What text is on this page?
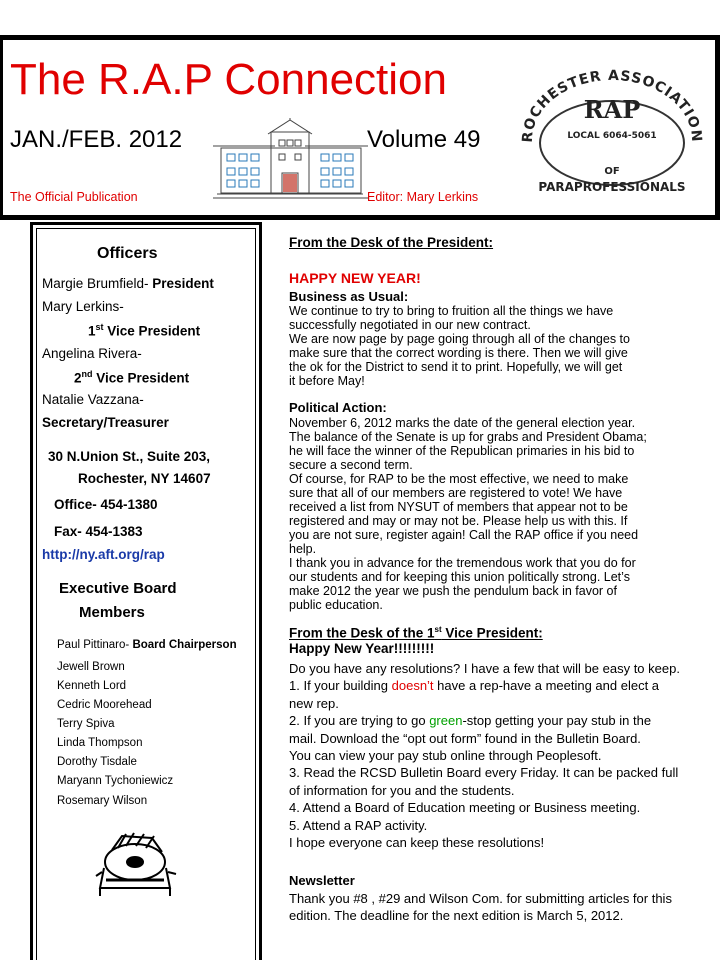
The R.A.P Connection
JAN./FEB. 2012	Volume 49
The Official Publication	Editor: Mary Lerkins
ROCHESTER ASSOCIATION
RAP
LOCAL 6064-5061
OF
PARAPROFESSIONALS
Officers
Margie Brumfield- President
Mary Lerkins-
1st Vice President
Angelina Rivera-
2nd Vice President
Natalie Vazzana-
Secretary/Treasurer
30 N.Union St., Suite 203,
Rochester, NY 14607
Office- 454-1380
Fax- 454-1383
http://ny.aft.org/rap
Executive Board
Members
Paul Pittinaro- Board Chairperson
Jewell Brown
Kenneth Lord
Cedric Moorehead
Terry Spiva
Linda Thompson
Dorothy Tisdale
Maryann Tychoniewicz
Rosemary Wilson
From the Desk of the President:
HAPPY NEW YEAR!
Business as Usual:

We continue to try to bring to fruition all the things we have

successfully negotiated in our new contract.

We are now page by page going through all of the changes to

make sure that the correct wording is there. Then we will give

the ok for the District to send it to print. Hopefully, we will get

it before May!

Political Action:

November 6, 2012 marks the date of the general election year.

The balance of the Senate is up for grabs and President Obama;

he will face the winner of the Republican primaries in his bid to

secure a second term.

Of course, for RAP to be the most effective, we need to make

sure that all of our members are registered to vote! We have

received a list from NYSUT of members that appear not to be

registered and may or may not be. Please help us with this. If

you are not sure, register again! Call the RAP office if you need

help.

I thank you in advance for the tremendous work that you do for

our students and for keeping this union politically strong. Let’s

make 2012 the year we push the pendulum back in favor of

public education.

From the Desk of the 1st Vice President:
Happy New Year!!!!!!!!!

Do you have any resolutions? I have a few that will be easy to keep.

1. If your building doesn’t have a rep-have a meeting and elect a

new rep.

2. If you are trying to go green-stop getting your pay stub in the

mail. Download the “opt out form” found in the Bulletin Board.

You can view your pay stub online through Peoplesoft.

3. Read the RCSD Bulletin Board every Friday. It can be packed full

of information for you and the students.

4. Attend a Board of Education meeting or Business meeting.

5. Attend a RAP activity.

I hope everyone can keep these resolutions!

Newsletter

Thank you #8 , #29 and Wilson Com. for submitting articles for this

edition. The deadline for the next edition is March 5, 2012.
